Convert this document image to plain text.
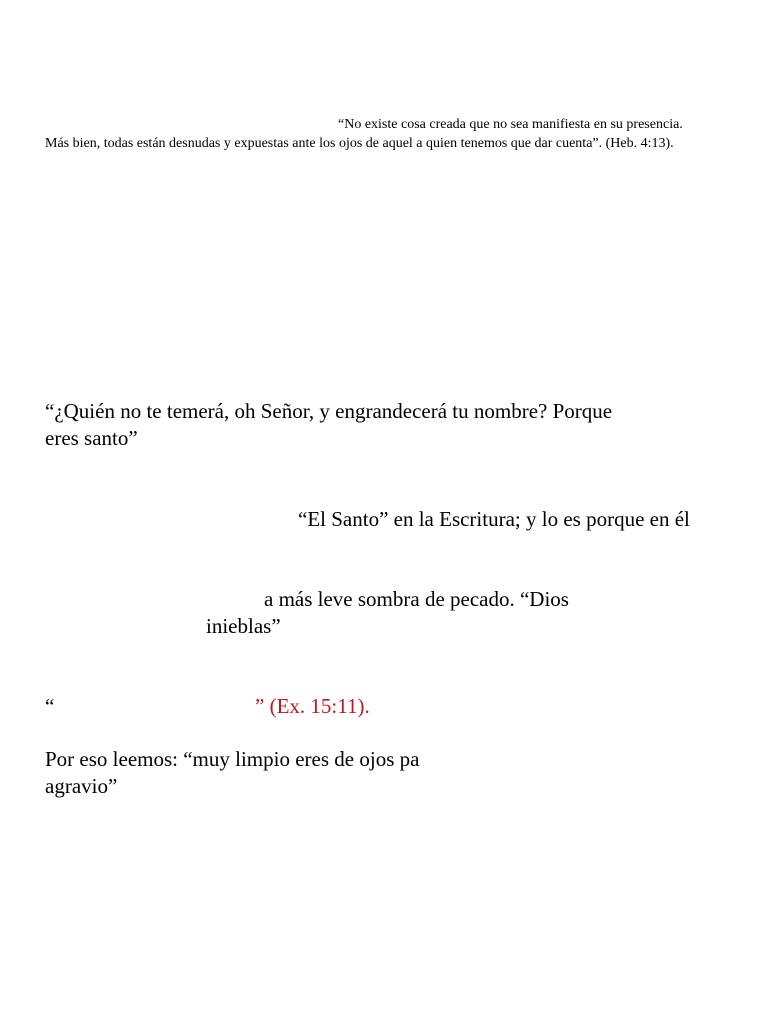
“No existe cosa creada que no sea manifiesta en su presencia.

Más bien, todas están desnudas y expuestas ante los ojos de aquel a quien tenemos que dar cuenta”. (Heb. 4:13).

“¿Quién no te temerá, oh Señor, y engrandecerá tu nombre? Porque

eres santo”

“El Santo” en la Escritura; y lo es porque en él

a más leve sombra de pecado. “Dios

inieblas”

“	” (Ex. 15:11).

Por eso leemos: “muy limpio eres de ojos pa

agravio”
